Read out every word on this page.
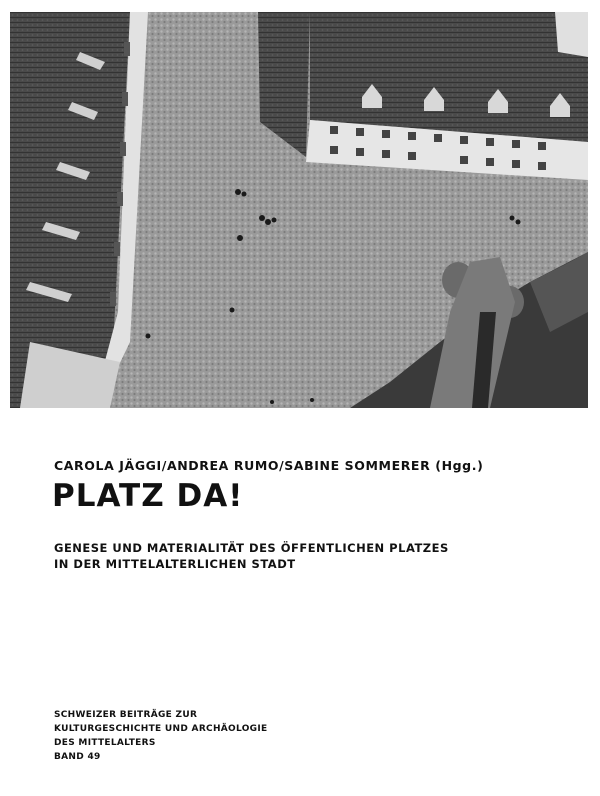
CAROLA JÄGGI/ANDREA RUMO/SABINE SOMMERER (Hgg.)
PLATZ DA!
GENESE UND MATERIALITÄT DES ÖFFENTLICHEN PLATZES
IN DER MITTELALTERLICHEN STADT
SCHWEIZER BEITRÄGE ZUR
KULTURGESCHICHTE UND ARCHÄOLOGIE
DES MITTELALTERS
BAND 49
